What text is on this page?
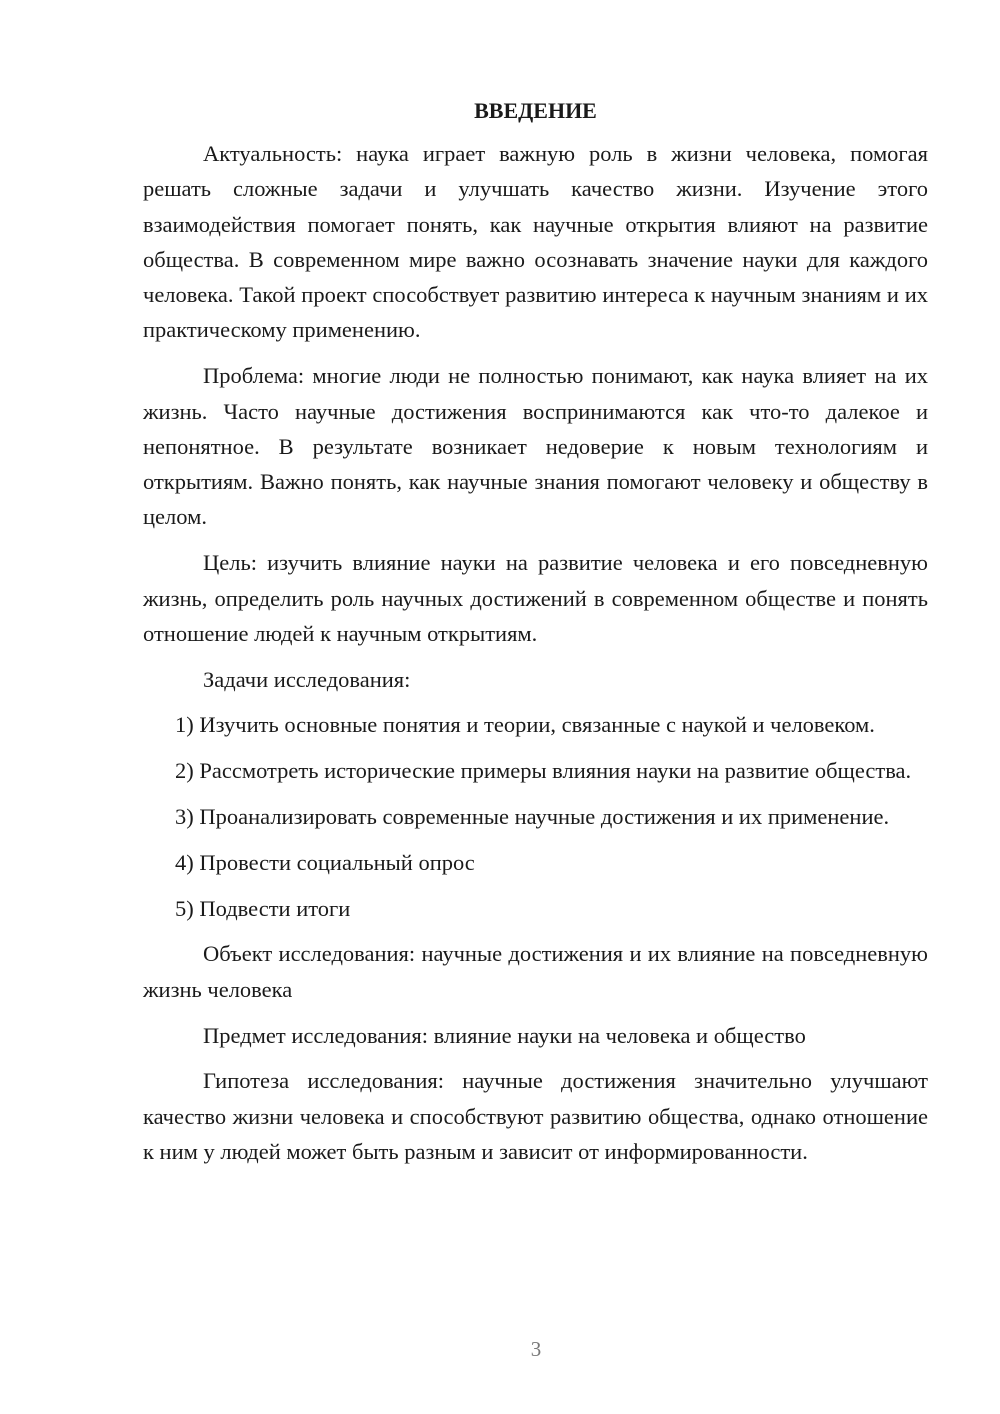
ВВЕДЕНИЕ

Актуальность: наука играет важную роль в жизни человека, помогая решать сложные задачи и улучшать качество жизни. Изучение этого взаимодействия помогает понять, как научные открытия влияют на развитие общества. В современном мире важно осознавать значение науки для каждого человека. Такой проект способствует развитию интереса к научным знаниям и их практическому применению.

Проблема: многие люди не полностью понимают, как наука влияет на их жизнь. Часто научные достижения воспринимаются как что-то далекое и непонятное. В результате возникает недоверие к новым технологиям и открытиям. Важно понять, как научные знания помогают человеку и обществу в целом.

Цель: изучить влияние науки на развитие человека и его повседневную жизнь, определить роль научных достижений в современном обществе и понять отношение людей к научным открытиям.

Задачи исследования:

1) Изучить основные понятия и теории, связанные с наукой и человеком.

2) Рассмотреть исторические примеры влияния науки на развитие общества.

3) Проанализировать современные научные достижения и их применение.

4) Провести социальный опрос

5) Подвести итоги

Объект исследования: научные достижения и их влияние на повседневную жизнь человека

Предмет исследования: влияние науки на человека и общество

Гипотеза исследования: научные достижения значительно улучшают качество жизни человека и способствуют развитию общества, однако отношение к ним у людей может быть разным и зависит от информированности.

3
